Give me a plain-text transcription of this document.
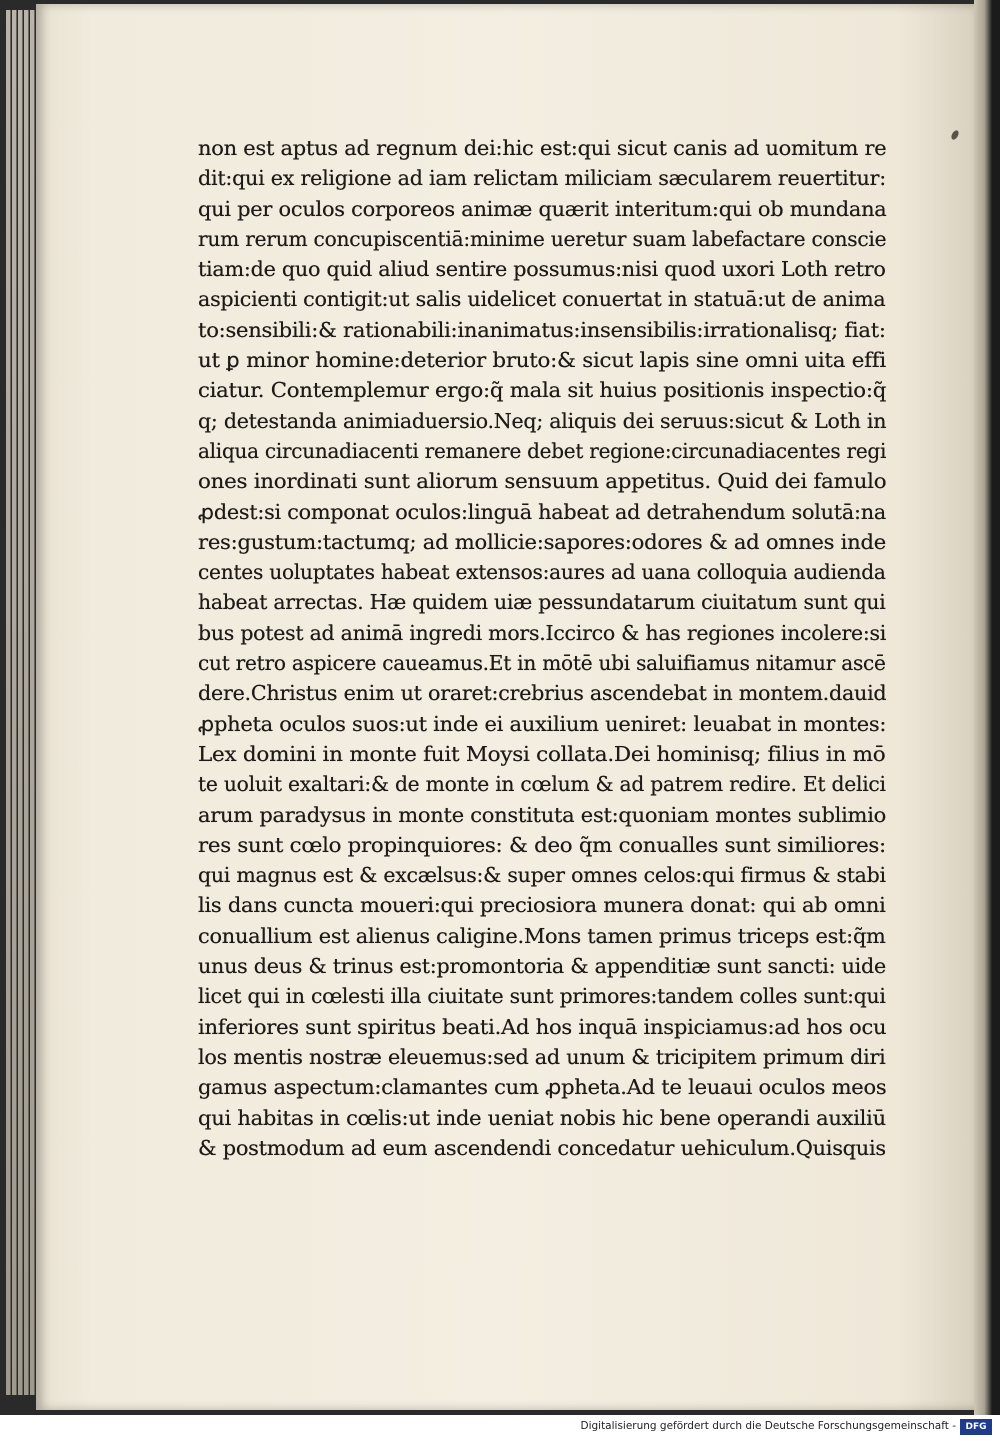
non est aptus ad regnum dei:hic est:qui sicut canis ad uomitum re
dit:qui ex religione ad iam relictam miliciam sæcularem reuertitur:
qui per oculos corporeos animæ quærit interitum:qui ob mundana
rum rerum concupiscentiā:minime ueretur suam labefactare conscie
tiam:de quo quid aliud sentire possumus:nisi quod uxori Loth retro
aspicienti contigit:ut salis uidelicet conuertat in statuā:ut de anima
to:sensibili:& rationabili:inanimatus:insensibilis:irrationalisq; fiat:
ut ꝑ minor homine:deterior bruto:& sicut lapis sine omni uita effi
ciatur. Contemplemur ergo:q̃ mala sit huius positionis inspectio:q̃
q; detestanda animiaduersio.Neq; aliquis dei seruus:sicut & Loth in
aliqua circunadiacenti remanere debet regione:circunadiacentes regi
ones inordinati sunt aliorum sensuum appetitus. Quid dei famulo
ꝓdest:si componat oculos:linguā habeat ad detrahendum solutā:na
res:gustum:tactumq; ad mollicie:sapores:odores & ad omnes inde
centes uoluptates habeat extensos:aures ad uana colloquia audienda
habeat arrectas. Hæ quidem uiæ pessundatarum ciuitatum sunt qui
bus potest ad animā ingredi mors.Iccirco & has regiones incolere:si
cut retro aspicere caueamus.Et in mōtē ubi saluifiamus nitamur ascē
dere.Christus enim ut oraret:crebrius ascendebat in montem.dauid
ꝓpheta oculos suos:ut inde ei auxilium ueniret: leuabat in montes:
Lex domini in monte fuit Moysi collata.Dei hominisq; filius in mō
te uoluit exaltari:& de monte in cœlum & ad patrem redire. Et delici
arum paradysus in monte constituta est:quoniam montes sublimio
res sunt cœlo propinquiores: & deo q̃m conualles sunt similiores:
qui magnus est & excælsus:& super omnes celos:qui firmus & stabi
lis dans cuncta moueri:qui preciosiora munera donat: qui ab omni
conuallium est alienus caligine.Mons tamen primus triceps est:q̃m
unus deus & trinus est:promontoria & appenditiæ sunt sancti: uide
licet qui in cœlesti illa ciuitate sunt primores:tandem colles sunt:qui
inferiores sunt spiritus beati.Ad hos inquā inspiciamus:ad hos ocu
los mentis nostræ eleuemus:sed ad unum & tricipitem primum diri
gamus aspectum:clamantes cum ꝓpheta.Ad te leuaui oculos meos
qui habitas in cœlis:ut inde ueniat nobis hic bene operandi auxiliū
& postmodum ad eum ascendendi concedatur uehiculum.Quisquis
Digitalisierung gefördert durch die Deutsche Forschungsgemeinschaft -	DFG
